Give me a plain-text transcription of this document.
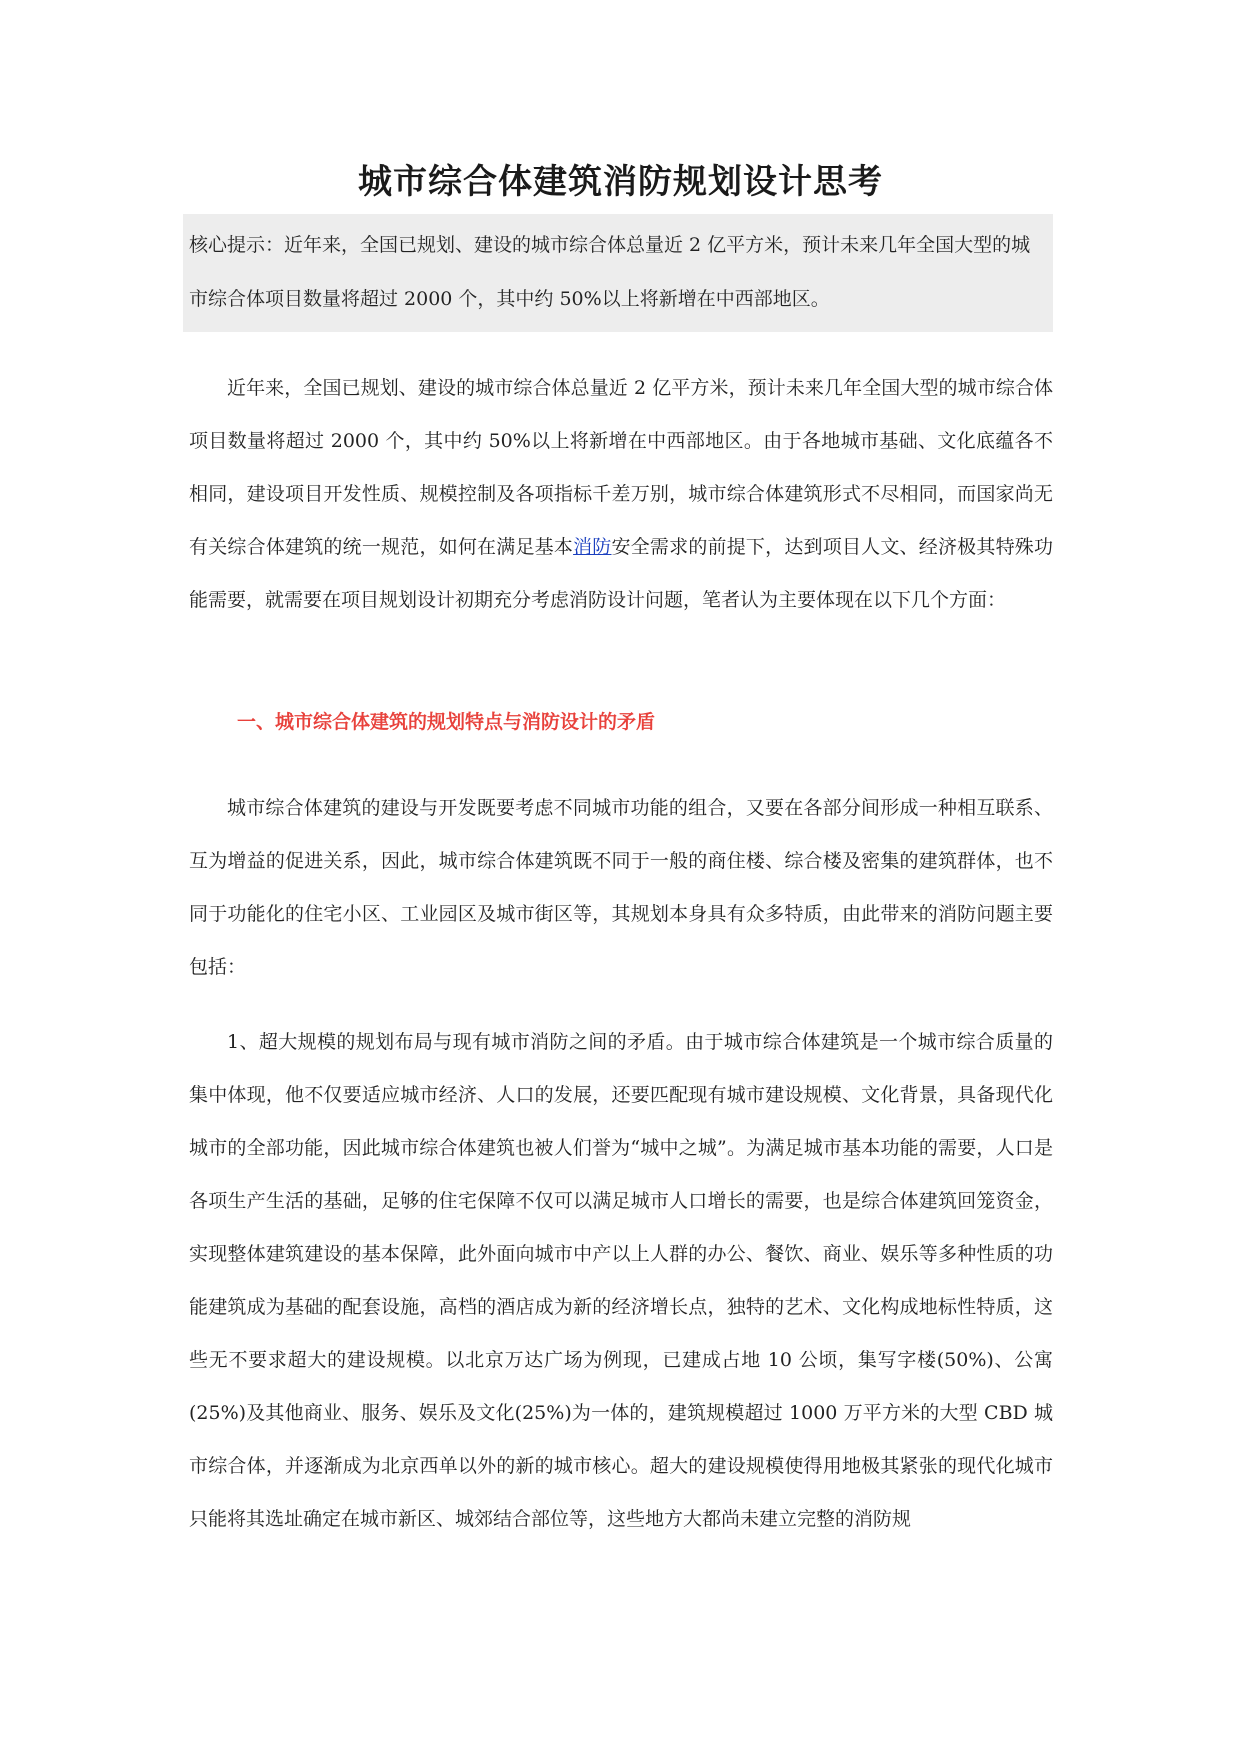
城市综合体建筑消防规划设计思考

核心提示：近年来，全国已规划、建设的城市综合体总量近 2 亿平方米，预计未来几年全国大型的城市综合体项目数量将超过 2000 个，其中约 50%以上将新增在中西部地区。

近年来，全国已规划、建设的城市综合体总量近 2 亿平方米，预计未来几年全国大型的城市综合体项目数量将超过 2000 个，其中约 50%以上将新增在中西部地区。由于各地城市基础、文化底蕴各不相同，建设项目开发性质、规模控制及各项指标千差万别，城市综合体建筑形式不尽相同，而国家尚无有关综合体建筑的统一规范，如何在满足基本消防安全需求的前提下，达到项目人文、经济极其特殊功能需要，就需要在项目规划设计初期充分考虑消防设计问题，笔者认为主要体现在以下几个方面：

一、城市综合体建筑的规划特点与消防设计的矛盾

城市综合体建筑的建设与开发既要考虑不同城市功能的组合，又要在各部分间形成一种相互联系、互为增益的促进关系，因此，城市综合体建筑既不同于一般的商住楼、综合楼及密集的建筑群体，也不同于功能化的住宅小区、工业园区及城市街区等，其规划本身具有众多特质，由此带来的消防问题主要包括：

1、超大规模的规划布局与现有城市消防之间的矛盾。由于城市综合体建筑是一个城市综合质量的集中体现，他不仅要适应城市经济、人口的发展，还要匹配现有城市建设规模、文化背景，具备现代化城市的全部功能，因此城市综合体建筑也被人们誉为“城中之城”。为满足城市基本功能的需要，人口是各项生产生活的基础，足够的住宅保障不仅可以满足城市人口增长的需要，也是综合体建筑回笼资金，实现整体建筑建设的基本保障，此外面向城市中产以上人群的办公、餐饮、商业、娱乐等多种性质的功能建筑成为基础的配套设施，高档的酒店成为新的经济增长点，独特的艺术、文化构成地标性特质，这些无不要求超大的建设规模。以北京万达广场为例现，已建成占地 10 公顷，集写字楼(50%)、公寓(25%)及其他商业、服务、娱乐及文化(25%)为一体的，建筑规模超过 1000 万平方米的大型 CBD 城市综合体，并逐渐成为北京西单以外的新的城市核心。超大的建设规模使得用地极其紧张的现代化城市只能将其选址确定在城市新区、城郊结合部位等，这些地方大都尚未建立完整的消防规
